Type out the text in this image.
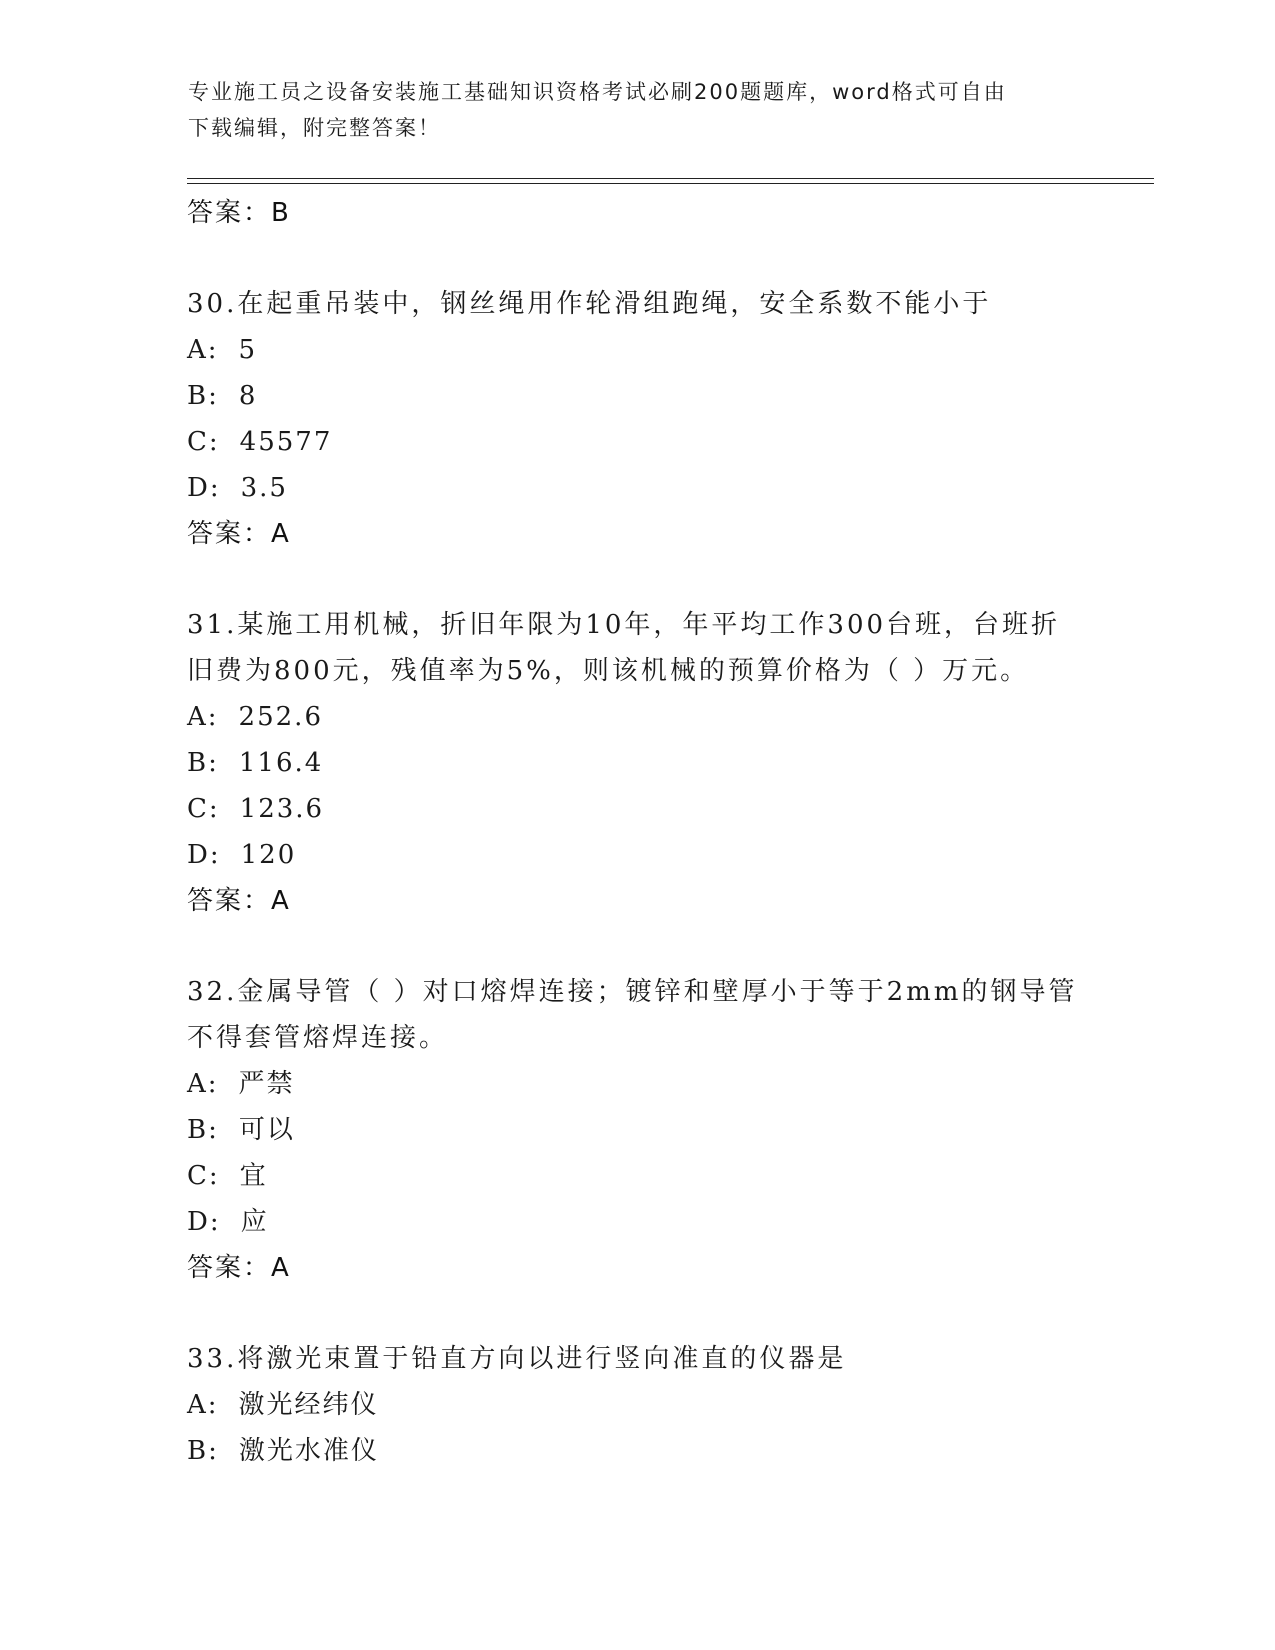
专业施工员之设备安装施工基础知识资格考试必刷200题题库，word格式可自由
下载编辑，附完整答案！
答案：B
30.在起重吊装中，钢丝绳用作轮滑组跑绳，安全系数不能小于
A: 5
B: 8
C: 45577
D: 3.5
答案：A
31.某施工用机械，折旧年限为10年，年平均工作300台班，台班折
旧费为800元，残值率为5%，则该机械的预算价格为（ ）万元。
A: 252.6
B: 116.4
C: 123.6
D: 120
答案：A
32.金属导管（ ）对口熔焊连接；镀锌和壁厚小于等于2mm的钢导管
不得套管熔焊连接。
A: 严禁
B: 可以
C: 宜
D: 应
答案：A
33.将激光束置于铅直方向以进行竖向准直的仪器是
A: 激光经纬仪
B: 激光水准仪
